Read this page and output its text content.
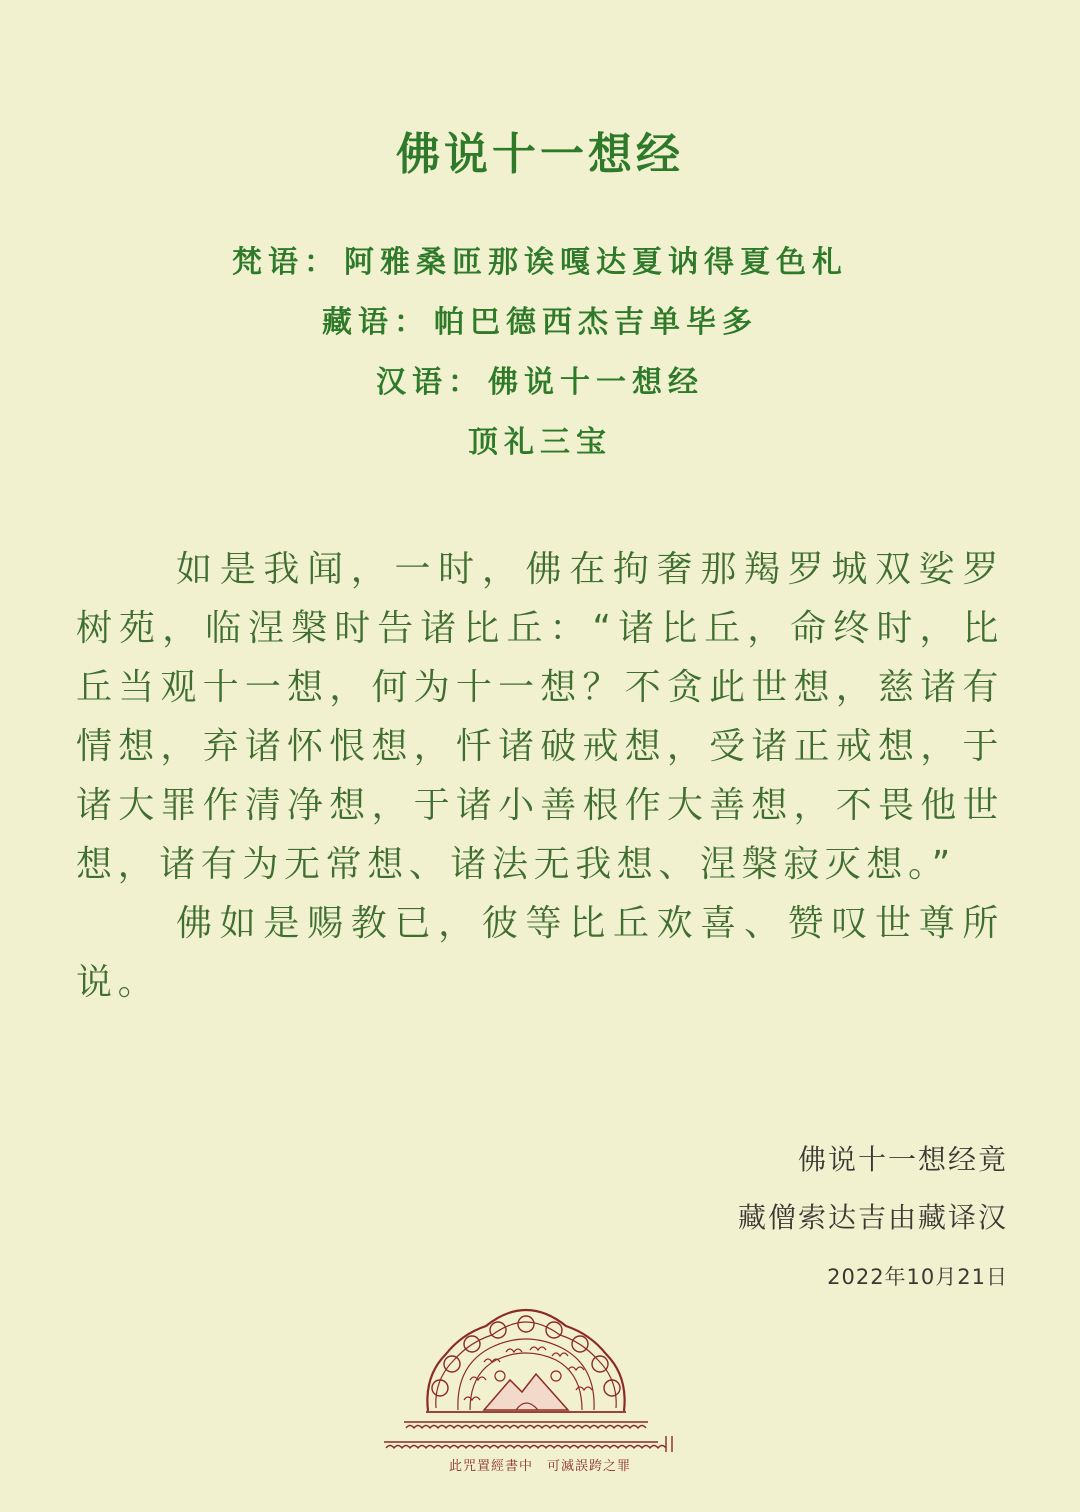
佛说十一想经
梵语： 阿雅桑匝那诶嘎达夏讷得夏色札
藏语： 帕巴德西杰吉单毕多
汉语： 佛说十一想经
顶礼三宝

如是我闻，一时，佛在拘奢那羯罗城双娑罗树苑，临涅槃时告诸比丘：“诸比丘，命终时，比丘当观十一想，何为十一想？不贪此世想，慈诸有情想，弃诸怀恨想，忏诸破戒想，受诸正戒想，于诸大罪作清净想，于诸小善根作大善想，不畏他世想，诸有为无常想、诸法无我想、涅槃寂灭想。”

佛如是赐教已，彼等比丘欢喜、赞叹世尊所说。

佛说十一想经竟
藏僧索达吉由藏译汉
2022年10月21日
此咒置經書中　可滅誤跨之罪
